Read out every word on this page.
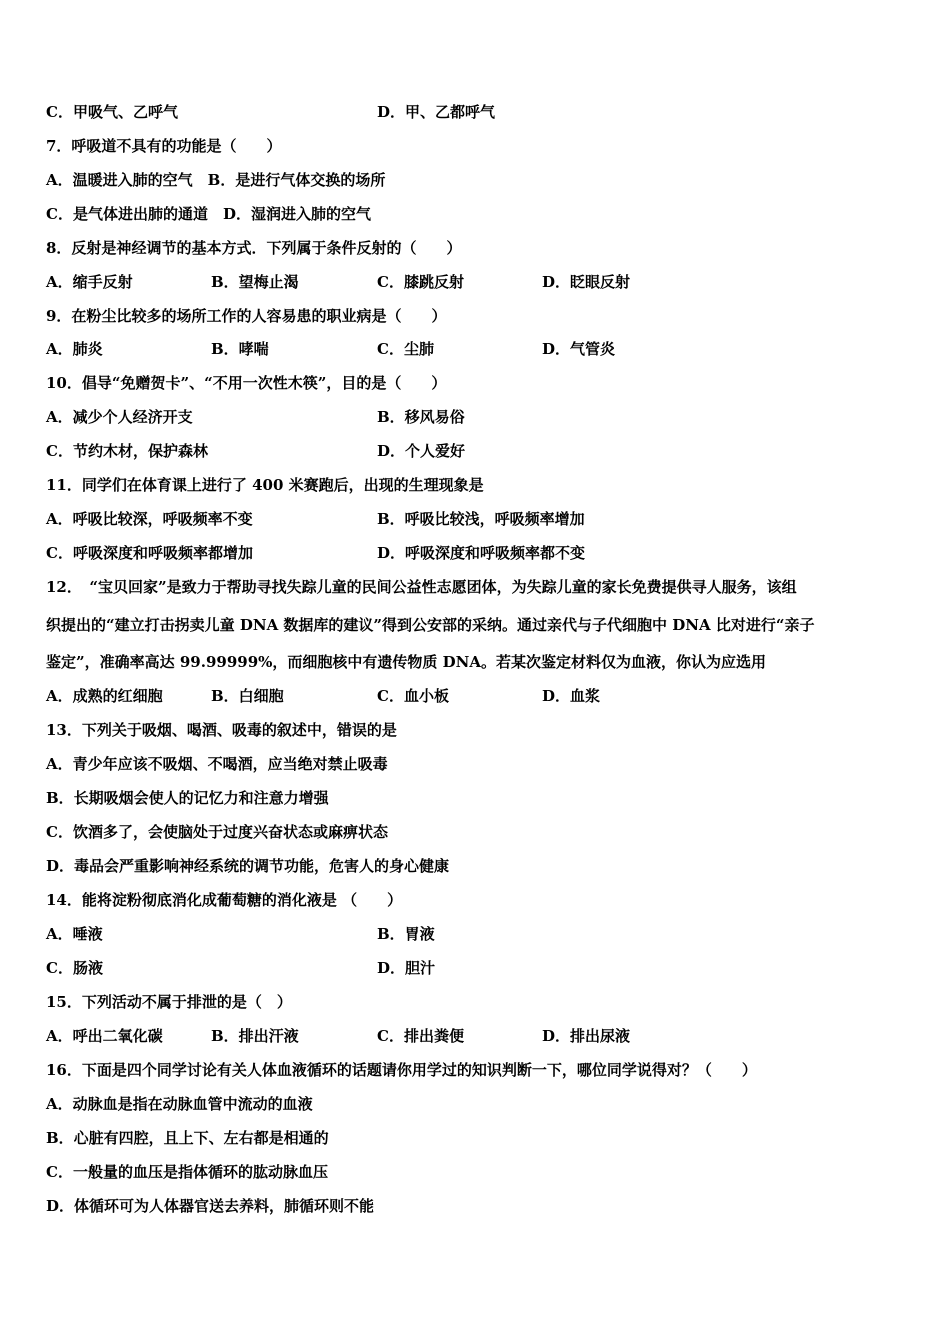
C．甲吸气、乙呼气	D．甲、乙都呼气
7．呼吸道不具有的功能是（　　）
A．温暖进入肺的空气　B．是进行气体交换的场所
C．是气体进出肺的通道　D．湿润进入肺的空气
8．反射是神经调节的基本方式．下列属于条件反射的（　　）
A．缩手反射	B．望梅止渴	C．膝跳反射	D．眨眼反射
9．在粉尘比较多的场所工作的人容易患的职业病是（　　）
A．肺炎	B．哮喘	C．尘肺	D．气管炎
10．倡导“免赠贺卡”、“不用一次性木筷”，目的是（　　）
A．减少个人经济开支	B．移风易俗
C．节约木材，保护森林	D．个人爱好
11．同学们在体育课上进行了 400 米赛跑后，出现的生理现象是
A．呼吸比较深，呼吸频率不变	B．呼吸比较浅，呼吸频率增加
C．呼吸深度和呼吸频率都增加	D．呼吸深度和呼吸频率都不变
12．　“宝贝回家”是致力于帮助寻找失踪儿童的民间公益性志愿团体，为失踪儿童的家长免费提供寻人服务，该组
织提出的“建立打击拐卖儿童 DNA 数据库的建议”得到公安部的采纳。通过亲代与子代细胞中 DNA 比对进行“亲子
鉴定”，准确率高达 99.99999%，而细胞核中有遗传物质 DNA。若某次鉴定材料仅为血液，你认为应选用
A．成熟的红细胞	B．白细胞	C．血小板	D．血浆
13．下列关于吸烟、喝酒、吸毒的叙述中，错误的是
A．青少年应该不吸烟、不喝酒，应当绝对禁止吸毒
B．长期吸烟会使人的记忆力和注意力增强
C．饮酒多了，会使脑处于过度兴奋状态或麻痹状态
D．毒品会严重影响神经系统的调节功能，危害人的身心健康
14．能将淀粉彻底消化成葡萄糖的消化液是 （　　）
A．唾液	B．胃液
C．肠液	D．胆汁
15．下列活动不属于排泄的是（　）
A．呼出二氧化碳	B．排出汗液	C．排出粪便	D．排出尿液
16．下面是四个同学讨论有关人体血液循环的话题请你用学过的知识判断一下，哪位同学说得对？（　　）
A．动脉血是指在动脉血管中流动的血液
B．心脏有四腔，且上下、左右都是相通的
C．一般量的血压是指体循环的肱动脉血压
D．体循环可为人体器官送去养料，肺循环则不能
